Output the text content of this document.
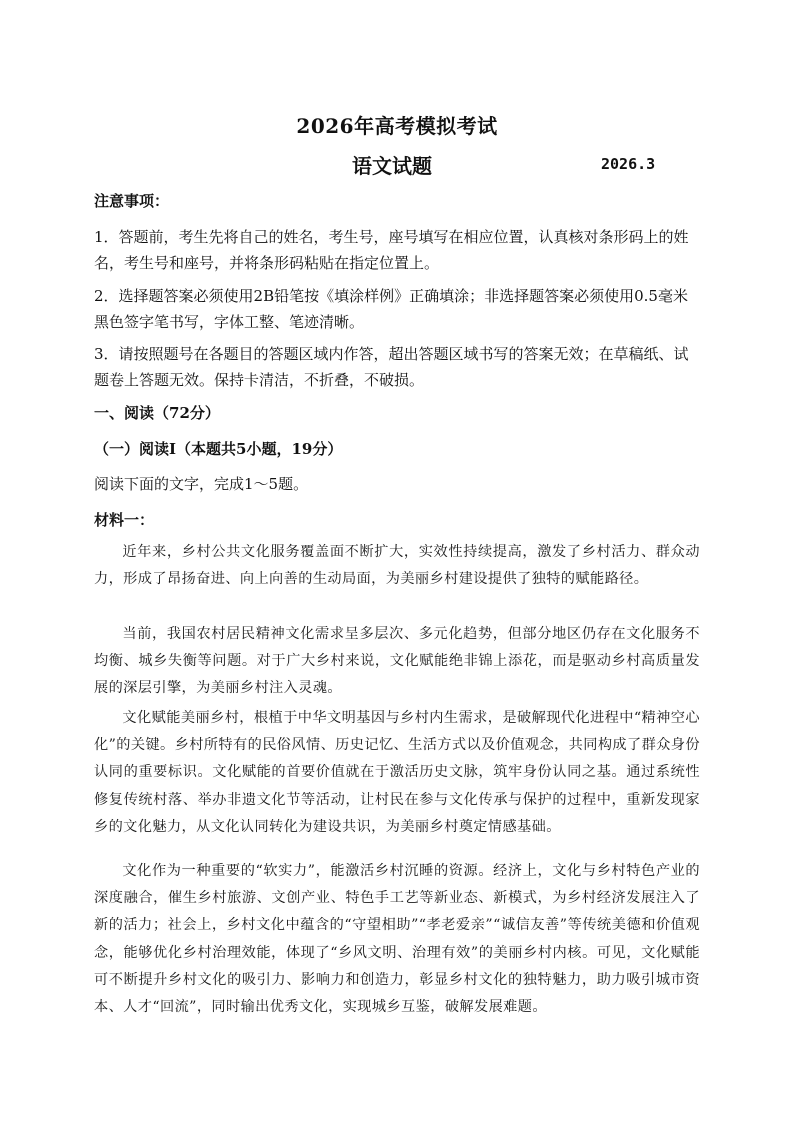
2026年高考模拟考试
语文试题	2026.3
注意事项：
1．答题前，考生先将自己的姓名，考生号，座号填写在相应位置，认真核对条形码上的姓名，考生号和座号，并将条形码粘贴在指定位置上。
2．选择题答案必须使用2B铅笔按《填涂样例》正确填涂；非选择题答案必须使用0.5毫米黑色签字笔书写，字体工整、笔迹清晰。
3．请按照题号在各题目的答题区域内作答，超出答题区域书写的答案无效；在草稿纸、试题卷上答题无效。保持卡清洁，不折叠，不破损。
一、阅读（72分）
（一）阅读Ⅰ（本题共5小题，19分）
阅读下面的文字，完成1～5题。
材料一：
近年来，乡村公共文化服务覆盖面不断扩大，实效性持续提高，激发了乡村活力、群众动力，形成了昂扬奋进、向上向善的生动局面，为美丽乡村建设提供了独特的赋能路径。
当前，我国农村居民精神文化需求呈多层次、多元化趋势，但部分地区仍存在文化服务不均衡、城乡失衡等问题。对于广大乡村来说，文化赋能绝非锦上添花，而是驱动乡村高质量发展的深层引擎，为美丽乡村注入灵魂。
文化赋能美丽乡村，根植于中华文明基因与乡村内生需求，是破解现代化进程中“精神空心化”的关键。乡村所特有的民俗风情、历史记忆、生活方式以及价值观念，共同构成了群众身份认同的重要标识。文化赋能的首要价值就在于激活历史文脉，筑牢身份认同之基。通过系统性修复传统村落、举办非遗文化节等活动，让村民在参与文化传承与保护的过程中，重新发现家乡的文化魅力，从文化认同转化为建设共识，为美丽乡村奠定情感基础。
文化作为一种重要的“软实力”，能激活乡村沉睡的资源。经济上，文化与乡村特色产业的深度融合，催生乡村旅游、文创产业、特色手工艺等新业态、新模式，为乡村经济发展注入了新的活力；社会上，乡村文化中蕴含的“守望相助”“孝老爱亲”“诚信友善”等传统美德和价值观念，能够优化乡村治理效能，体现了“乡风文明、治理有效”的美丽乡村内核。可见，文化赋能可不断提升乡村文化的吸引力、影响力和创造力，彰显乡村文化的独特魅力，助力吸引城市资本、人才“回流”，同时输出优秀文化，实现城乡互鉴，破解发展难题。
